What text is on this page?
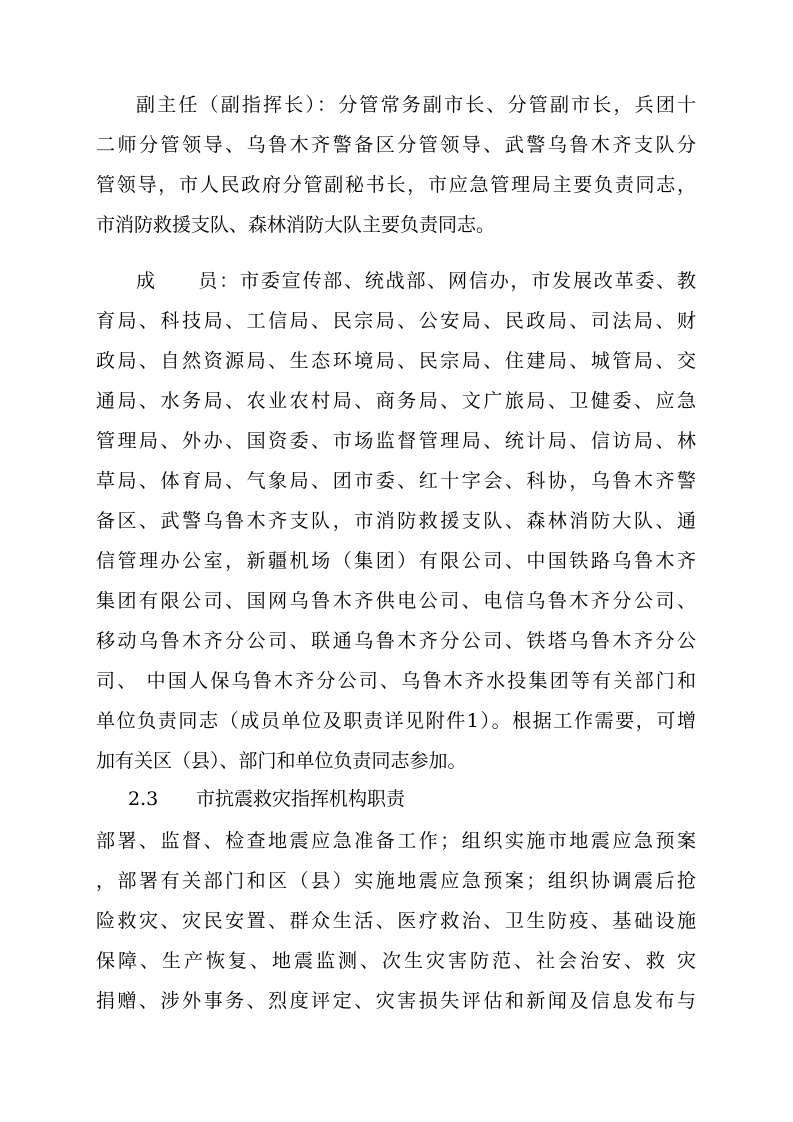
副主任（副指挥长）：分管常务副市长、分管副市长，兵团十
二师分管领导、乌鲁木齐警备区分管领导、武警乌鲁木齐支队分
管领导，市人民政府分管副秘书长，市应急管理局主要负责同志，
市消防救援支队、森林消防大队主要负责同志。
成　　员：市委宣传部、统战部、网信办，市发展改革委、教
育局、科技局、工信局、民宗局、公安局、民政局、司法局、财
政局、自然资源局、生态环境局、民宗局、住建局、城管局、交
通局、水务局、农业农村局、商务局、文广旅局、卫健委、应急
管理局、外办、国资委、市场监督管理局、统计局、信访局、林
草局、体育局、气象局、团市委、红十字会、科协，乌鲁木齐警
备区、武警乌鲁木齐支队，市消防救援支队、森林消防大队、通
信管理办公室，新疆机场（集团）有限公司、中国铁路乌鲁木齐
集团有限公司、国网乌鲁木齐供电公司、电信乌鲁木齐分公司、
移动乌鲁木齐分公司、联通乌鲁木齐分公司、铁塔乌鲁木齐分公
司、 中国人保乌鲁木齐分公司、乌鲁木齐水投集团等有关部门和
单位负责同志（成员单位及职责详见附件1）。根据工作需要，可增
加有关区（县）、部门和单位负责同志参加。
2.3 市抗震救灾指挥机构职责
部署、监督、检查地震应急准备工作；组织实施市地震应急预案
，部署有关部门和区（县）实施地震应急预案；组织协调震后抢
险救灾、灾民安置、群众生活、医疗救治、卫生防疫、基础设施
保障、生产恢复、地震监测、次生灾害防范、社会治安、救 灾
捐赠、涉外事务、烈度评定、灾害损失评估和新闻及信息发布与
